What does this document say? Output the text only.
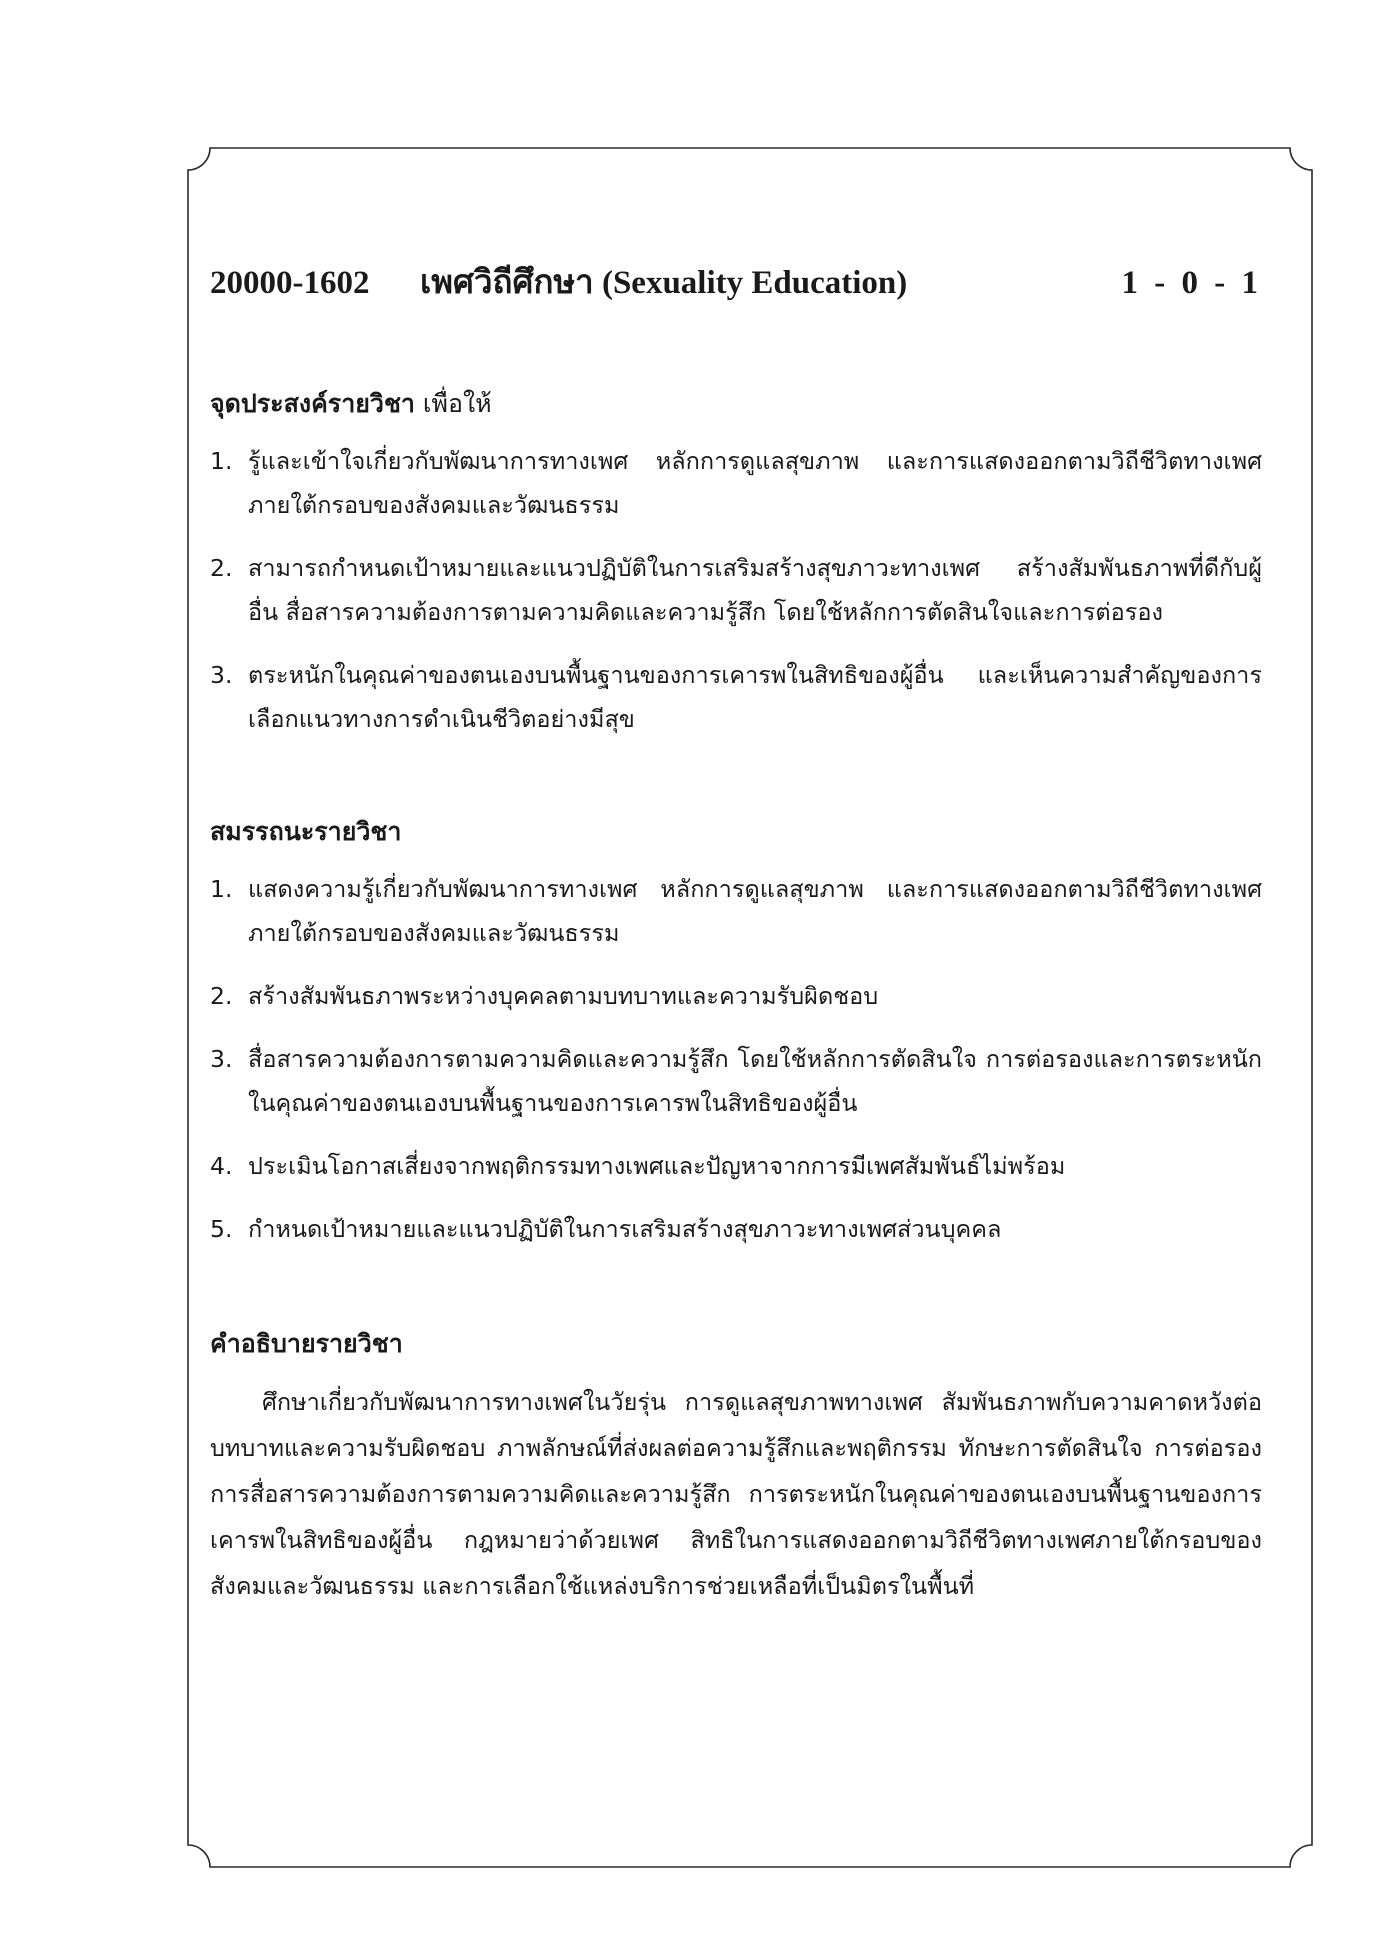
20000-1602	เพศวิถีศึกษา (Sexuality Education)	1 - 0 - 1
จุดประสงค์รายวิชา เพื่อให้
1. รู้และเข้าใจเกี่ยวกับพัฒนาการทางเพศ หลักการดูแลสุขภาพ และการแสดงออกตามวิถีชีวิตทางเพศ ภายใต้กรอบของสังคมและวัฒนธรรม
2. สามารถกำหนดเป้าหมายและแนวปฏิบัติในการเสริมสร้างสุขภาวะทางเพศ สร้างสัมพันธภาพที่ดีกับผู้อื่น สื่อสารความต้องการตามความคิดและความรู้สึก โดยใช้หลักการตัดสินใจและการต่อรอง
3. ตระหนักในคุณค่าของตนเองบนพื้นฐานของการเคารพในสิทธิของผู้อื่น และเห็นความสำคัญของการเลือกแนวทางการดำเนินชีวิตอย่างมีสุข
สมรรถนะรายวิชา
1. แสดงความรู้เกี่ยวกับพัฒนาการทางเพศ หลักการดูแลสุขภาพ และการแสดงออกตามวิถีชีวิตทางเพศ ภายใต้กรอบของสังคมและวัฒนธรรม
2. สร้างสัมพันธภาพระหว่างบุคคลตามบทบาทและความรับผิดชอบ
3. สื่อสารความต้องการตามความคิดและความรู้สึก โดยใช้หลักการตัดสินใจ การต่อรองและการตระหนัก ในคุณค่าของตนเองบนพื้นฐานของการเคารพในสิทธิของผู้อื่น
4. ประเมินโอกาสเสี่ยงจากพฤติกรรมทางเพศและปัญหาจากการมีเพศสัมพันธ์ไม่พร้อม
5. กำหนดเป้าหมายและแนวปฏิบัติในการเสริมสร้างสุขภาวะทางเพศส่วนบุคคล
คำอธิบายรายวิชา

ศึกษาเกี่ยวกับพัฒนาการทางเพศในวัยรุ่น การดูแลสุขภาพทางเพศ สัมพันธภาพกับความคาดหวังต่อบทบาทและความรับผิดชอบ ภาพลักษณ์ที่ส่งผลต่อความรู้สึกและพฤติกรรม ทักษะการตัดสินใจ การต่อรอง การสื่อสารความต้องการตามความคิดและความรู้สึก การตระหนักในคุณค่าของตนเองบนพื้นฐานของการเคารพในสิทธิของผู้อื่น กฎหมายว่าด้วยเพศ สิทธิในการแสดงออกตามวิถีชีวิตทางเพศภายใต้กรอบของสังคมและวัฒนธรรม และการเลือกใช้แหล่งบริการช่วยเหลือที่เป็นมิตรในพื้นที่
